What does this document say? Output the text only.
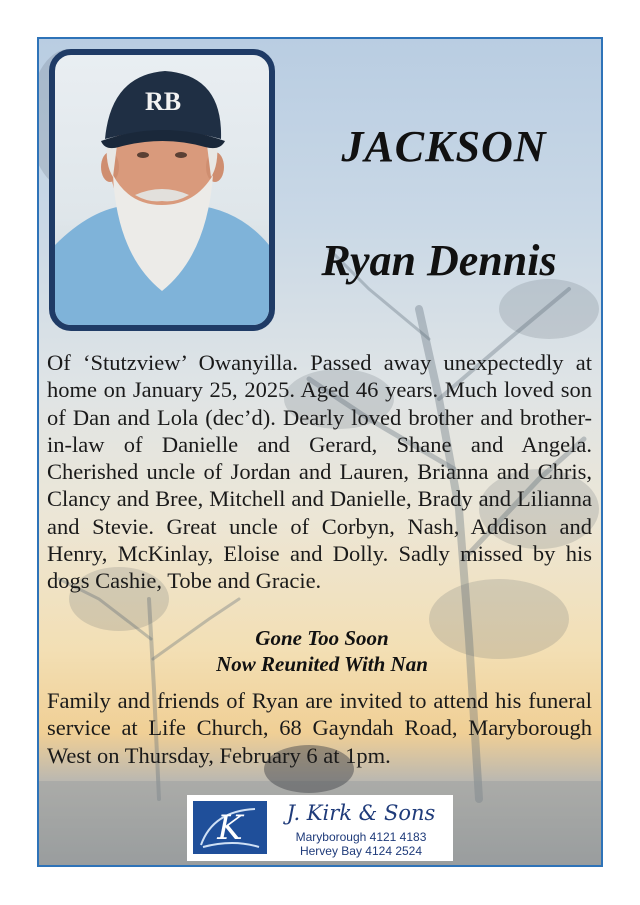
RB
JACKSON
Ryan Dennis

Of ‘Stutzview’ Owanyilla. Passed away unexpectedly at home on January 25, 2025. Aged 46 years. Much loved son of Dan and Lola (dec’d). Dearly loved brother and brother-in-law of Danielle and Gerard, Shane and Angela. Cherished uncle of Jordan and Lauren, Brianna and Chris, Clancy and Bree, Mitchell and Danielle, Brady and Lilianna and Stevie. Great uncle of Corbyn, Nash, Addison and Henry, McKinlay, Eloise and Dolly. Sadly missed by his dogs Cashie, Tobe and Gracie.

Gone Too Soon

Now Reunited With Nan

Family and friends of Ryan are invited to attend his funeral service at Life Church, 68 Gayndah Road, Maryborough West on Thursday, February 6 at 1pm.

K	J. Kirk & Sons

Maryborough 4121 4183

Hervey Bay 4124 2524
